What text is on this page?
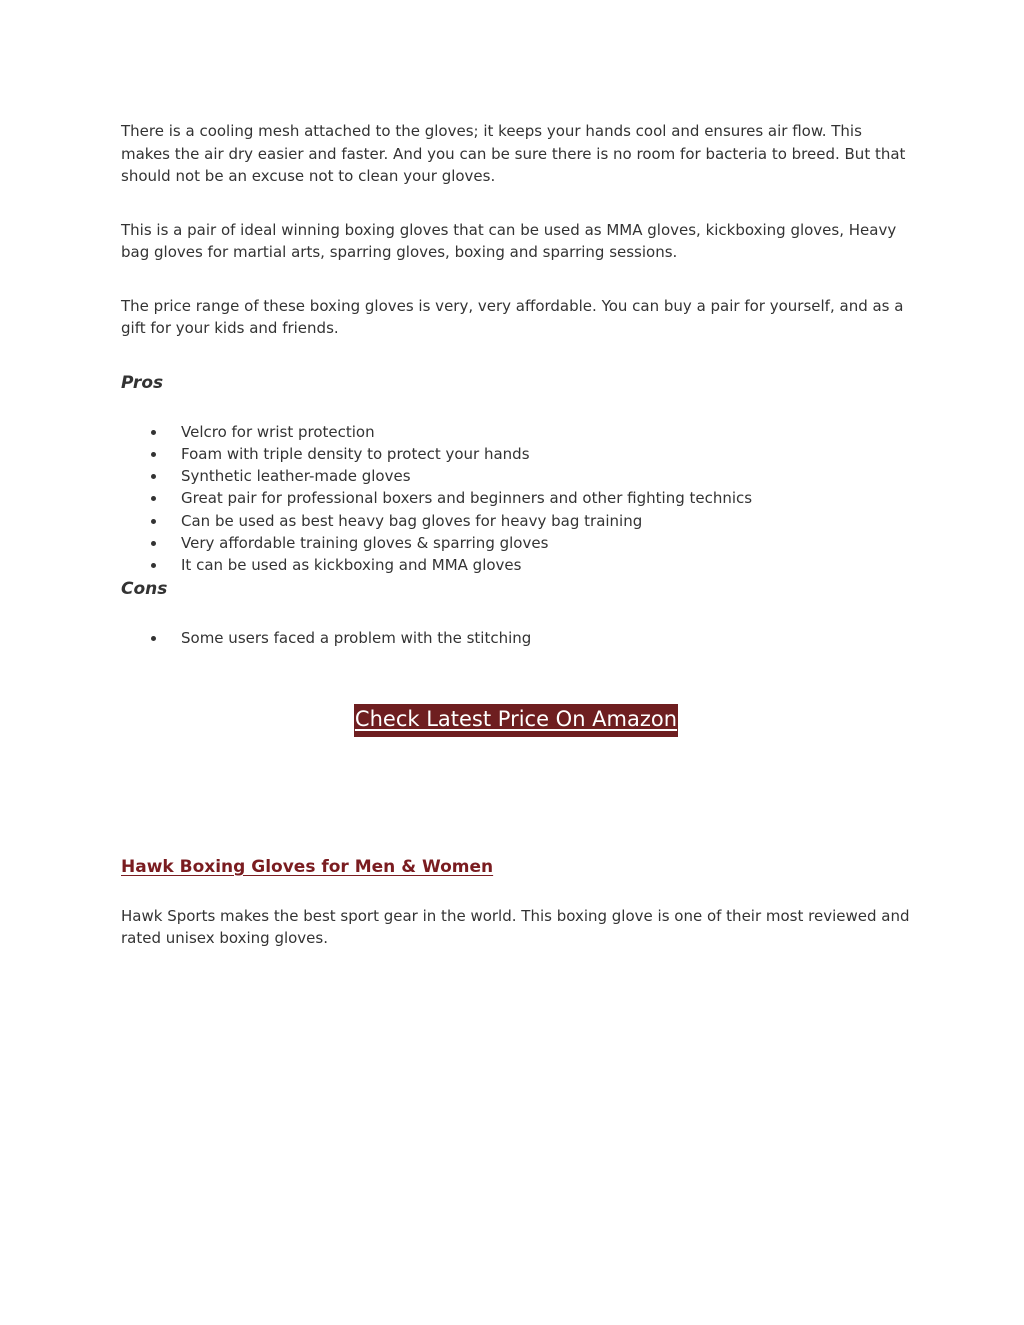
There is a cooling mesh attached to the gloves; it keeps your hands cool and ensures air flow. This makes the air dry easier and faster. And you can be sure there is no room for bacteria to breed. But that should not be an excuse not to clean your gloves.

This is a pair of ideal winning boxing gloves that can be used as MMA gloves, kickboxing gloves, Heavy bag gloves for martial arts, sparring gloves, boxing and sparring sessions.

The price range of these boxing gloves is very, very affordable. You can buy a pair for yourself, and as a gift for your kids and friends.

Pros
Velcro for wrist protection
Foam with triple density to protect your hands
Synthetic leather-made gloves
Great pair for professional boxers and beginners and other fighting technics
Can be used as best heavy bag gloves for heavy bag training
Very affordable training gloves & sparring gloves
It can be used as kickboxing and MMA gloves
Cons
Some users faced a problem with the stitching
Check Latest Price On Amazon
Hawk Boxing Gloves for Men & Women

Hawk Sports makes the best sport gear in the world. This boxing glove is one of their most reviewed and rated unisex boxing gloves.
